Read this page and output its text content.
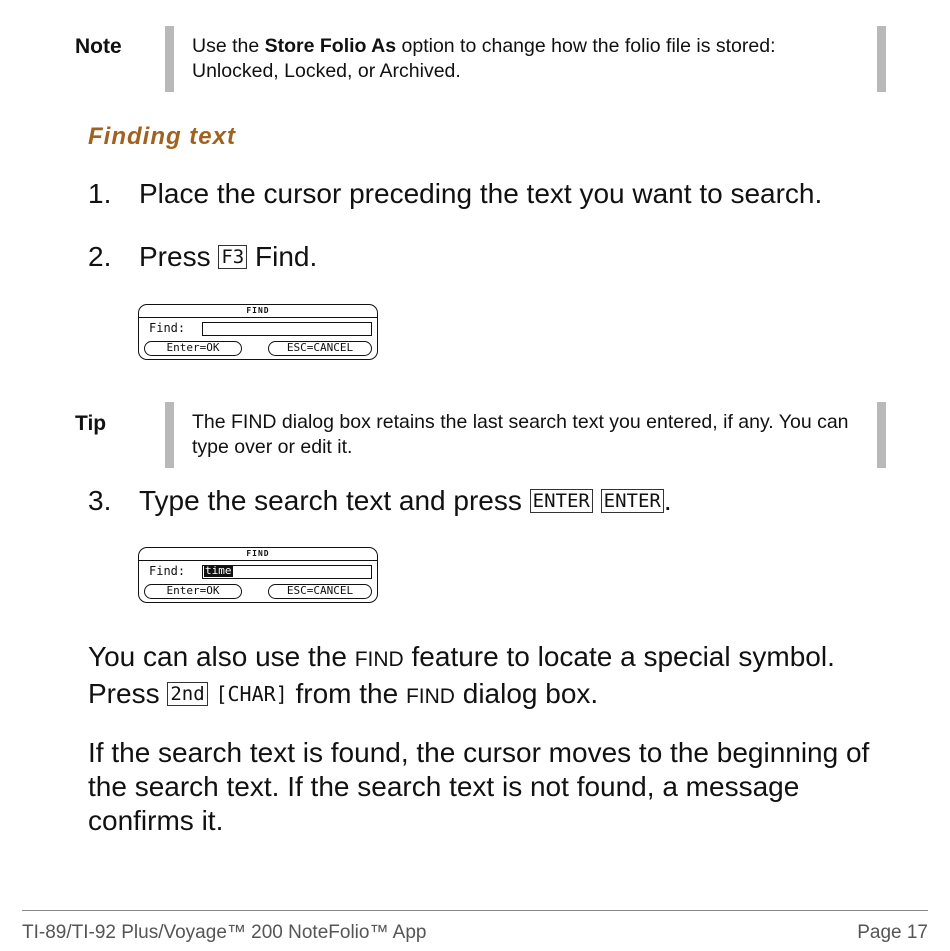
Note	Use the Store Folio As option to change how the folio file is stored: Unlocked, Locked, or Archived.
Finding text
1. Place the cursor preceding the text you want to search.
2. Press F3 Find.
FIND
Find:
Enter=OK	ESC=CANCEL
Tip	The FIND dialog box retains the last search text you entered, if any. You can type over or edit it.
3. Type the search text and press ENTER ENTER .
FIND
Find: time
Enter=OK	ESC=CANCEL
You can also use the FIND feature to locate a special symbol.
Press 2nd [CHAR] from the FIND dialog box.
If the search text is found, the cursor moves to the beginning of the search text. If the search text is not found, a message confirms it.
TI-89/TI-92 Plus/Voyage™ 200 NoteFolio™ App	Page 17
